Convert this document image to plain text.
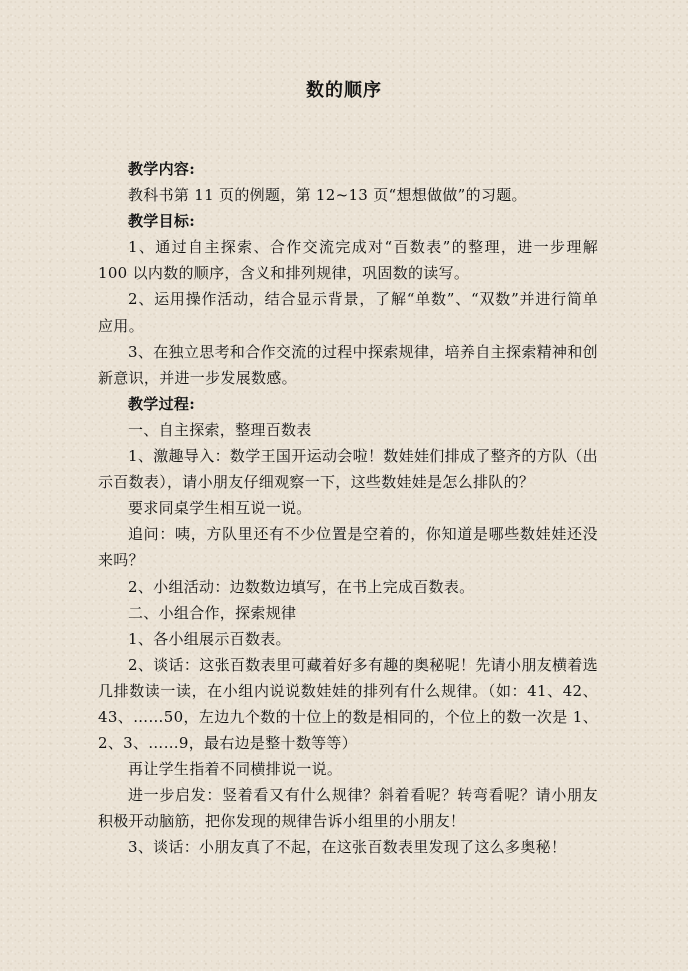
数的顺序

教学内容:

教科书第 11 页的例题，第 12~13 页“想想做做”的习题。

教学目标:

1、通过自主探索、合作交流完成对“百数表”的整理，进一步理解 100 以内数的顺序，含义和排列规律，巩固数的读写。

2、运用操作活动，结合显示背景，了解“单数”、“双数”并进行简单应用。

3、在独立思考和合作交流的过程中探索规律，培养自主探索精神和创新意识，并进一步发展数感。

教学过程:

一、自主探索，整理百数表

1、激趣导入：数学王国开运动会啦！数娃娃们排成了整齐的方队（出示百数表），请小朋友仔细观察一下，这些数娃娃是怎么排队的？

要求同桌学生相互说一说。

追问：咦，方队里还有不少位置是空着的，你知道是哪些数娃娃还没来吗？

2、小组活动：边数数边填写，在书上完成百数表。

二、小组合作，探索规律

1、各小组展示百数表。

2、谈话：这张百数表里可藏着好多有趣的奥秘呢！先请小朋友横着选几排数读一读，在小组内说说数娃娃的排列有什么规律。（如：41、42、43、……50，左边九个数的十位上的数是相同的，个位上的数一次是 1、2、3、……9，最右边是整十数等等）

再让学生指着不同横排说一说。

进一步启发：竖着看又有什么规律？斜着看呢？转弯看呢？请小朋友积极开动脑筋，把你发现的规律告诉小组里的小朋友！

3、谈话：小朋友真了不起，在这张百数表里发现了这么多奥秘！
